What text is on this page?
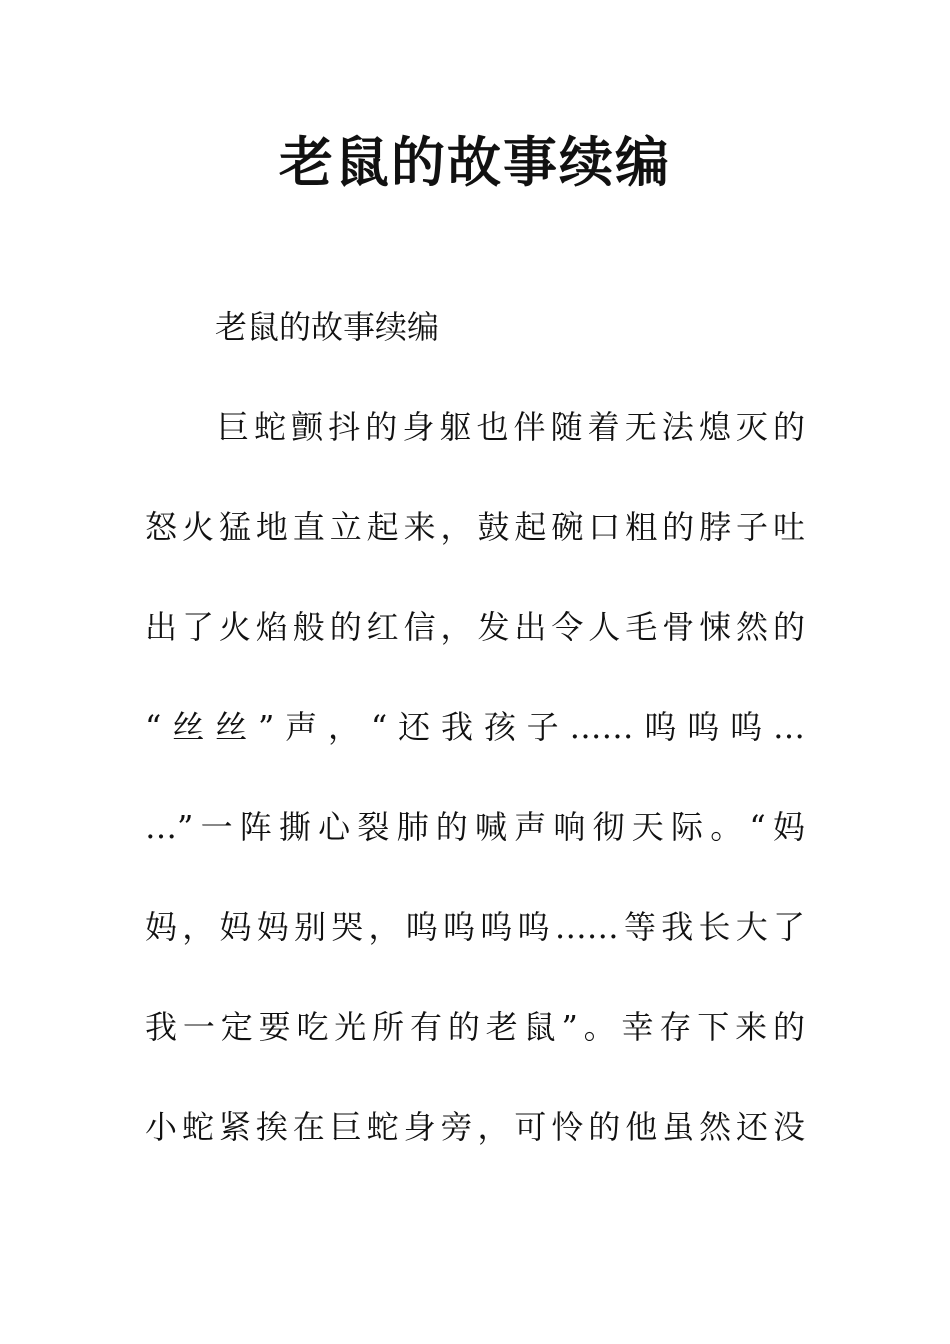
老鼠的故事续编

老鼠的故事续编

巨蛇颤抖的身躯也伴随着无法熄灭的
怒火猛地直立起来，鼓起碗口粗的脖子吐
出了火焰般的红信，发出令人毛骨悚然的
“丝丝”声，“还我孩子……呜呜呜…
…”一阵撕心裂肺的喊声响彻天际。“妈
妈，妈妈别哭，呜呜呜呜……等我长大了
我一定要吃光所有的老鼠”。幸存下来的
小蛇紧挨在巨蛇身旁，可怜的他虽然还没
